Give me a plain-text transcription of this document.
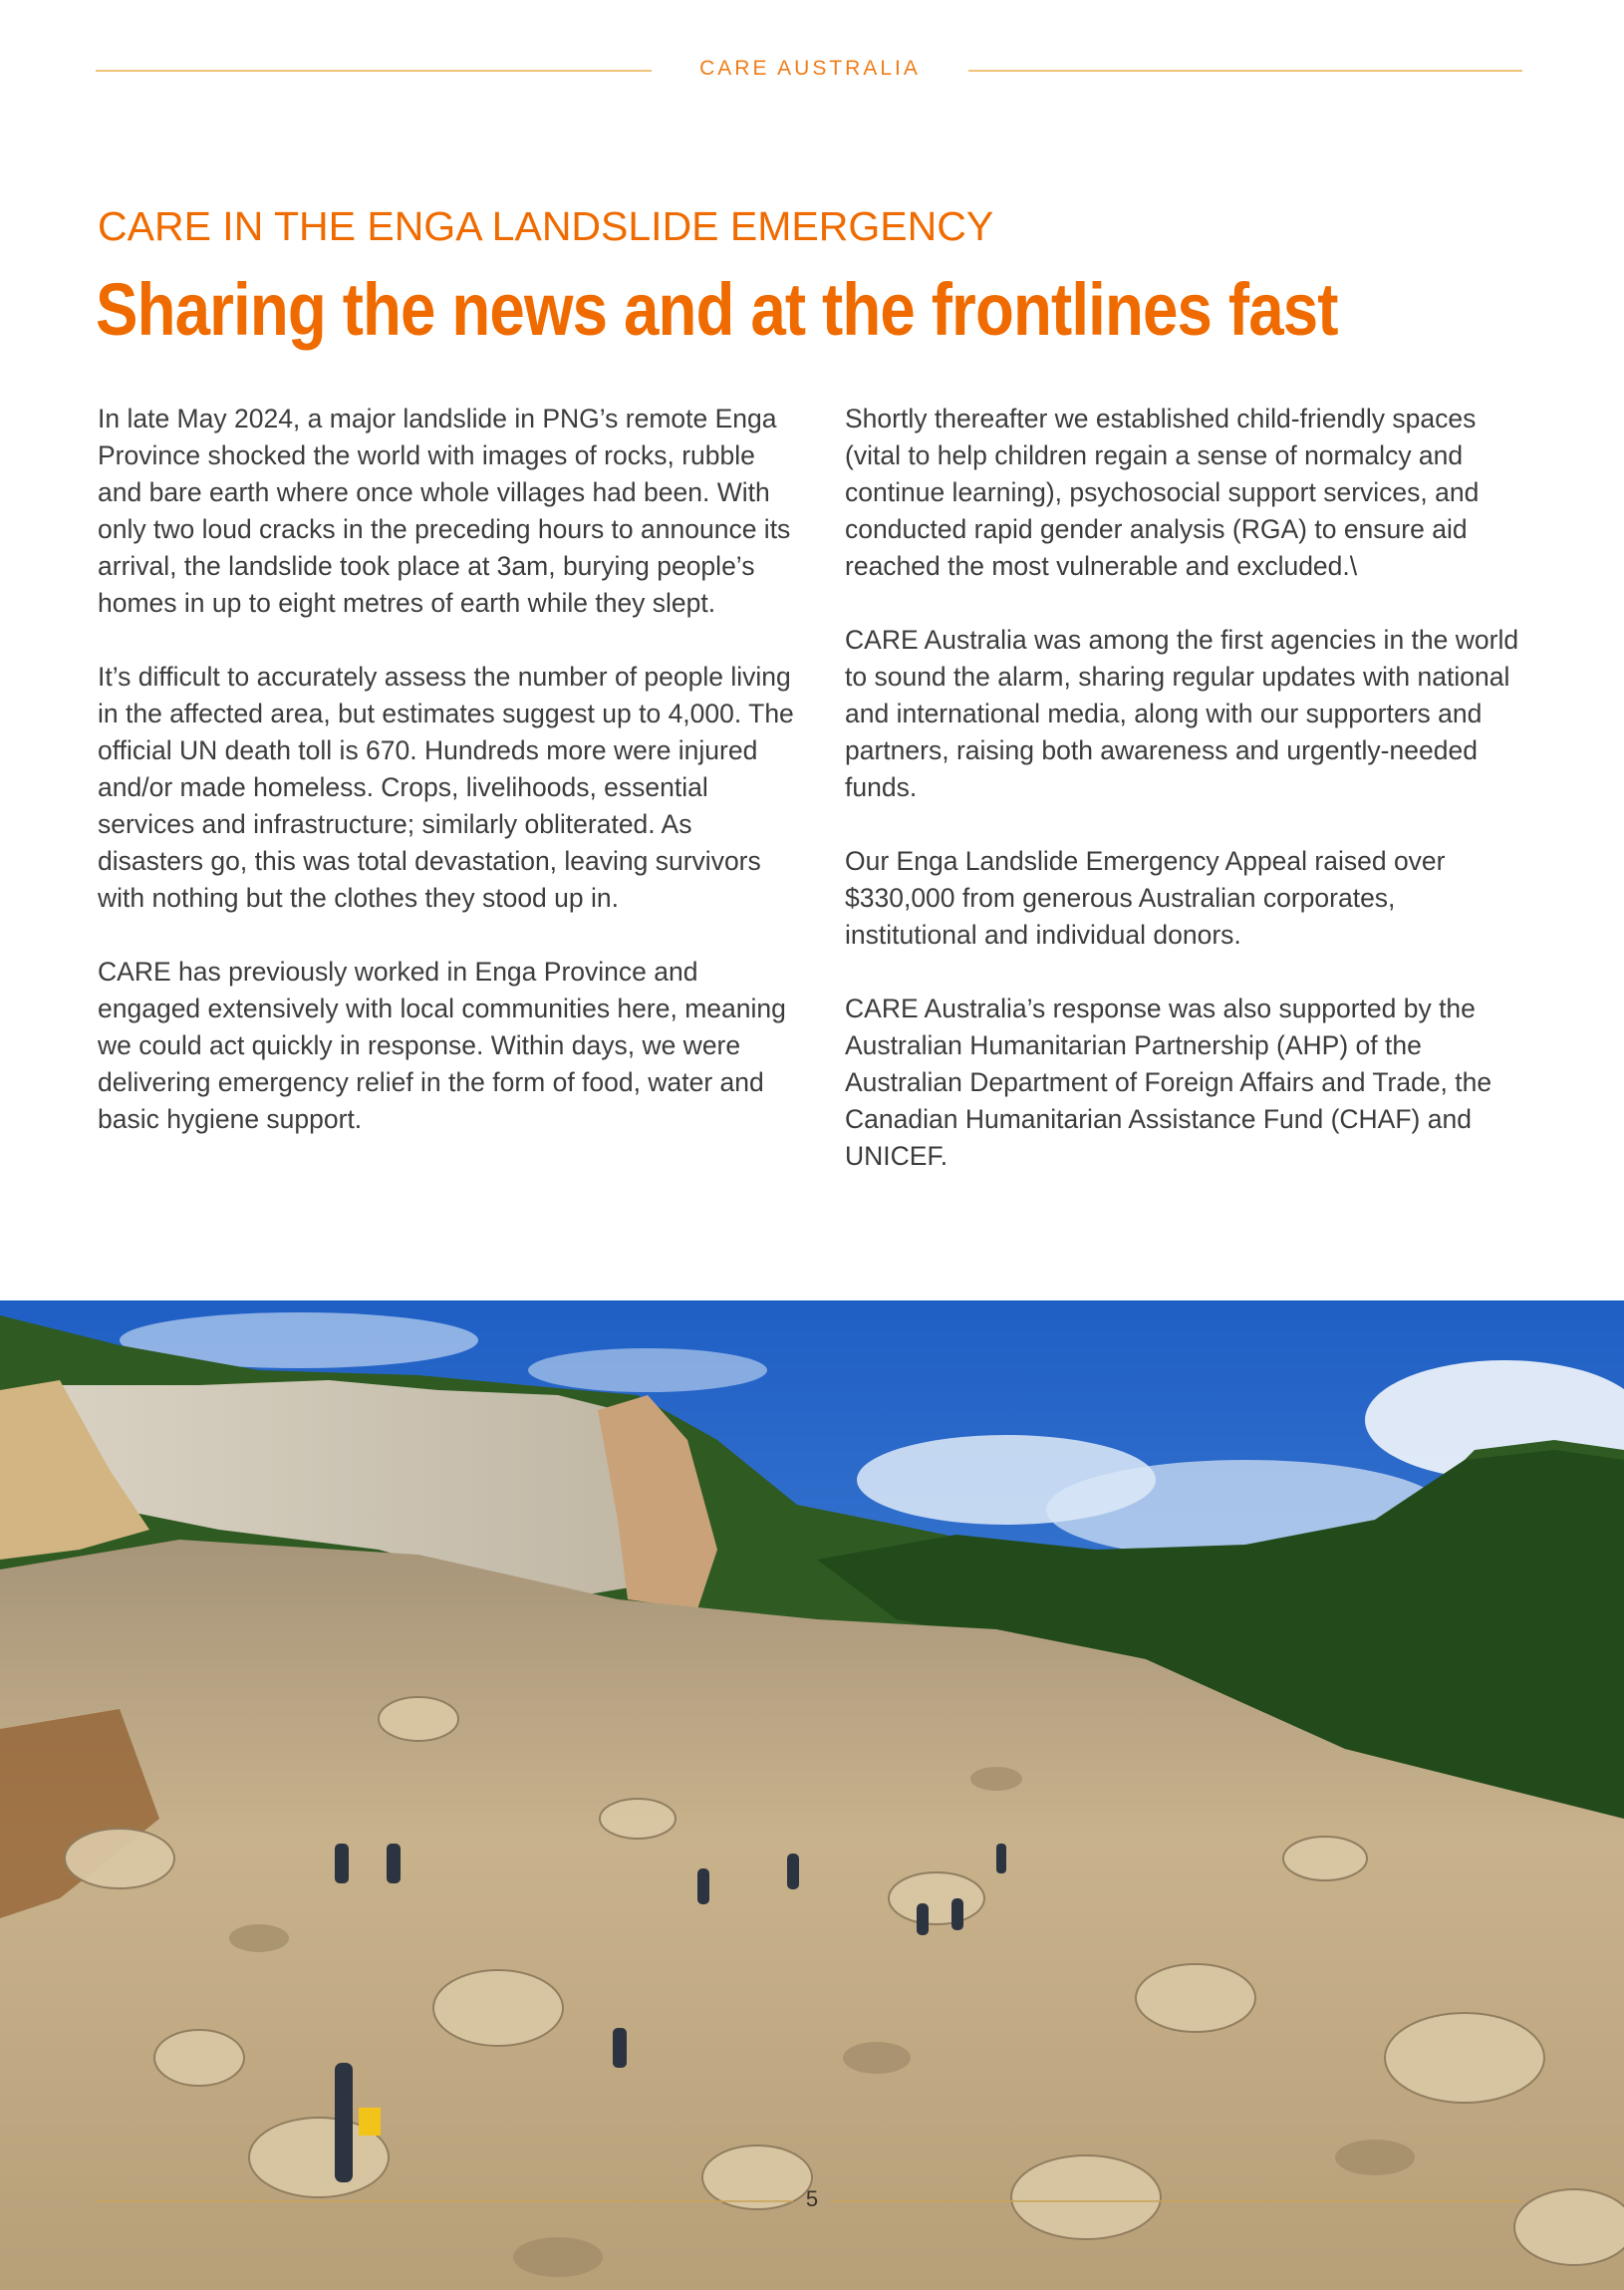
CARE AUSTRALIA
CARE IN THE ENGA LANDSLIDE EMERGENCY
Sharing the news and at the frontlines fast

In late May 2024, a major landslide in PNG’s remote Enga Province shocked the world with images of rocks, rubble and bare earth where once whole villages had been. With only two loud cracks in the preceding hours to announce its arrival, the landslide took place at 3am, burying people’s homes in up to eight metres of earth while they slept.

It’s difficult to accurately assess the number of people living in the affected area, but estimates suggest up to 4,000. The official UN death toll is 670. Hundreds more were injured and/or made homeless. Crops, livelihoods, essential services and infrastructure; similarly obliterated. As disasters go, this was total devastation, leaving survivors with nothing but the clothes they stood up in.

CARE has previously worked in Enga Province and engaged extensively with local communities here, meaning we could act quickly in response. Within days, we were delivering emergency relief in the form of food, water and basic hygiene support.

Shortly thereafter we established child-friendly spaces (vital to help children regain a sense of normalcy and continue learning), psychosocial support services, and conducted rapid gender analysis (RGA) to ensure aid reached the most vulnerable and excluded.\

CARE Australia was among the first agencies in the world to sound the alarm, sharing regular updates with national and international media, along with our supporters and partners, raising both awareness and urgently-needed funds.

Our Enga Landslide Emergency Appeal raised over $330,000 from generous Australian corporates, institutional and individual donors.

CARE Australia’s response was also supported by the Australian Humanitarian Partnership (AHP) of the Australian Department of Foreign Affairs and Trade, the Canadian Humanitarian Assistance Fund (CHAF) and UNICEF.

5
